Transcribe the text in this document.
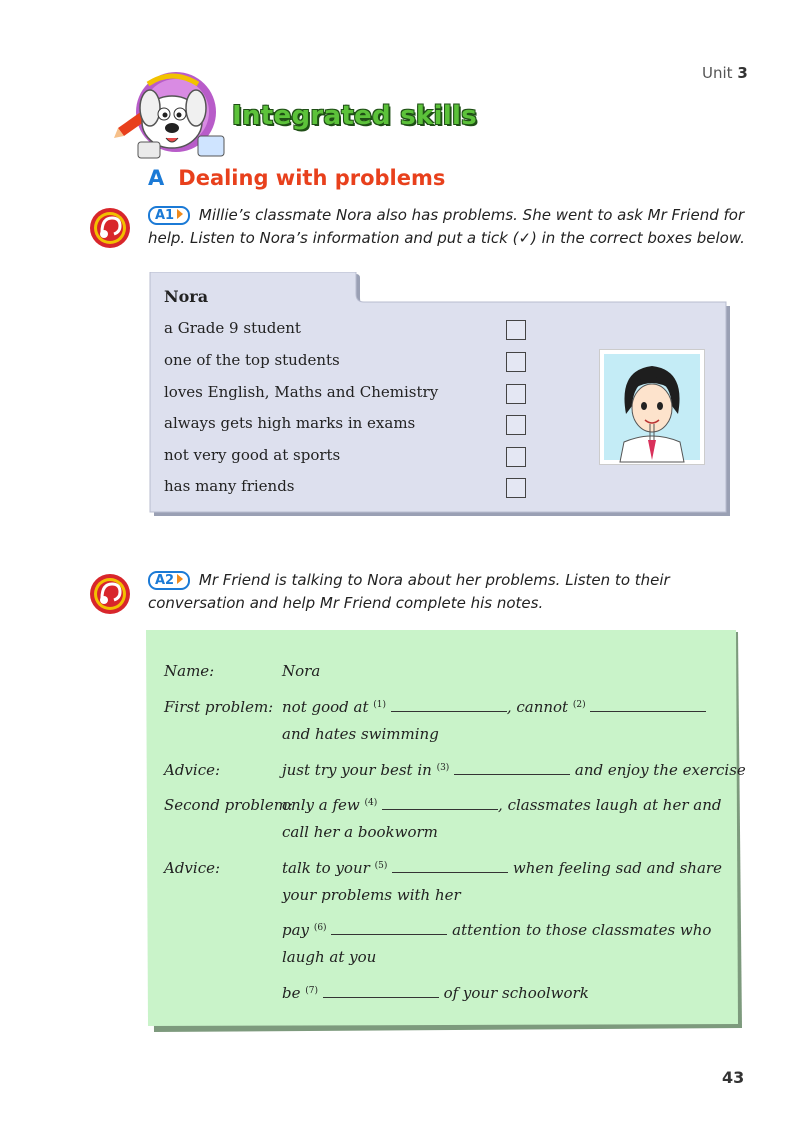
Unit 3
Integrated skills
A Dealing with problems
A1 Millie’s classmate Nora also has problems. She went to ask Mr Friend for help. Listen to Nora’s information and put a tick (✓) in the correct boxes below.
Nora
a Grade 9 student
one of the top students
loves English, Maths and Chemistry
always gets high marks in exams
not very good at sports
has many friends
A2 Mr Friend is talking to Nora about her problems. Listen to their conversation and help Mr Friend complete his notes.
Name:	Nora
First problem: not good at $^{(1)}$	, cannot $^{(2)}$
and hates swimming
Advice:	just try your best in $^{(3)}$	and enjoy the exercise
Second problem:
only a few $^{(4)}$	, classmates laugh at her and
call her a bookworm
Advice:	talk to your $^{(5)}$	when feeling sad and share
your problems with her
pay $^{(6)}$	attention to those classmates who
laugh at you
be $^{(7)}$	of your schoolwork
43
